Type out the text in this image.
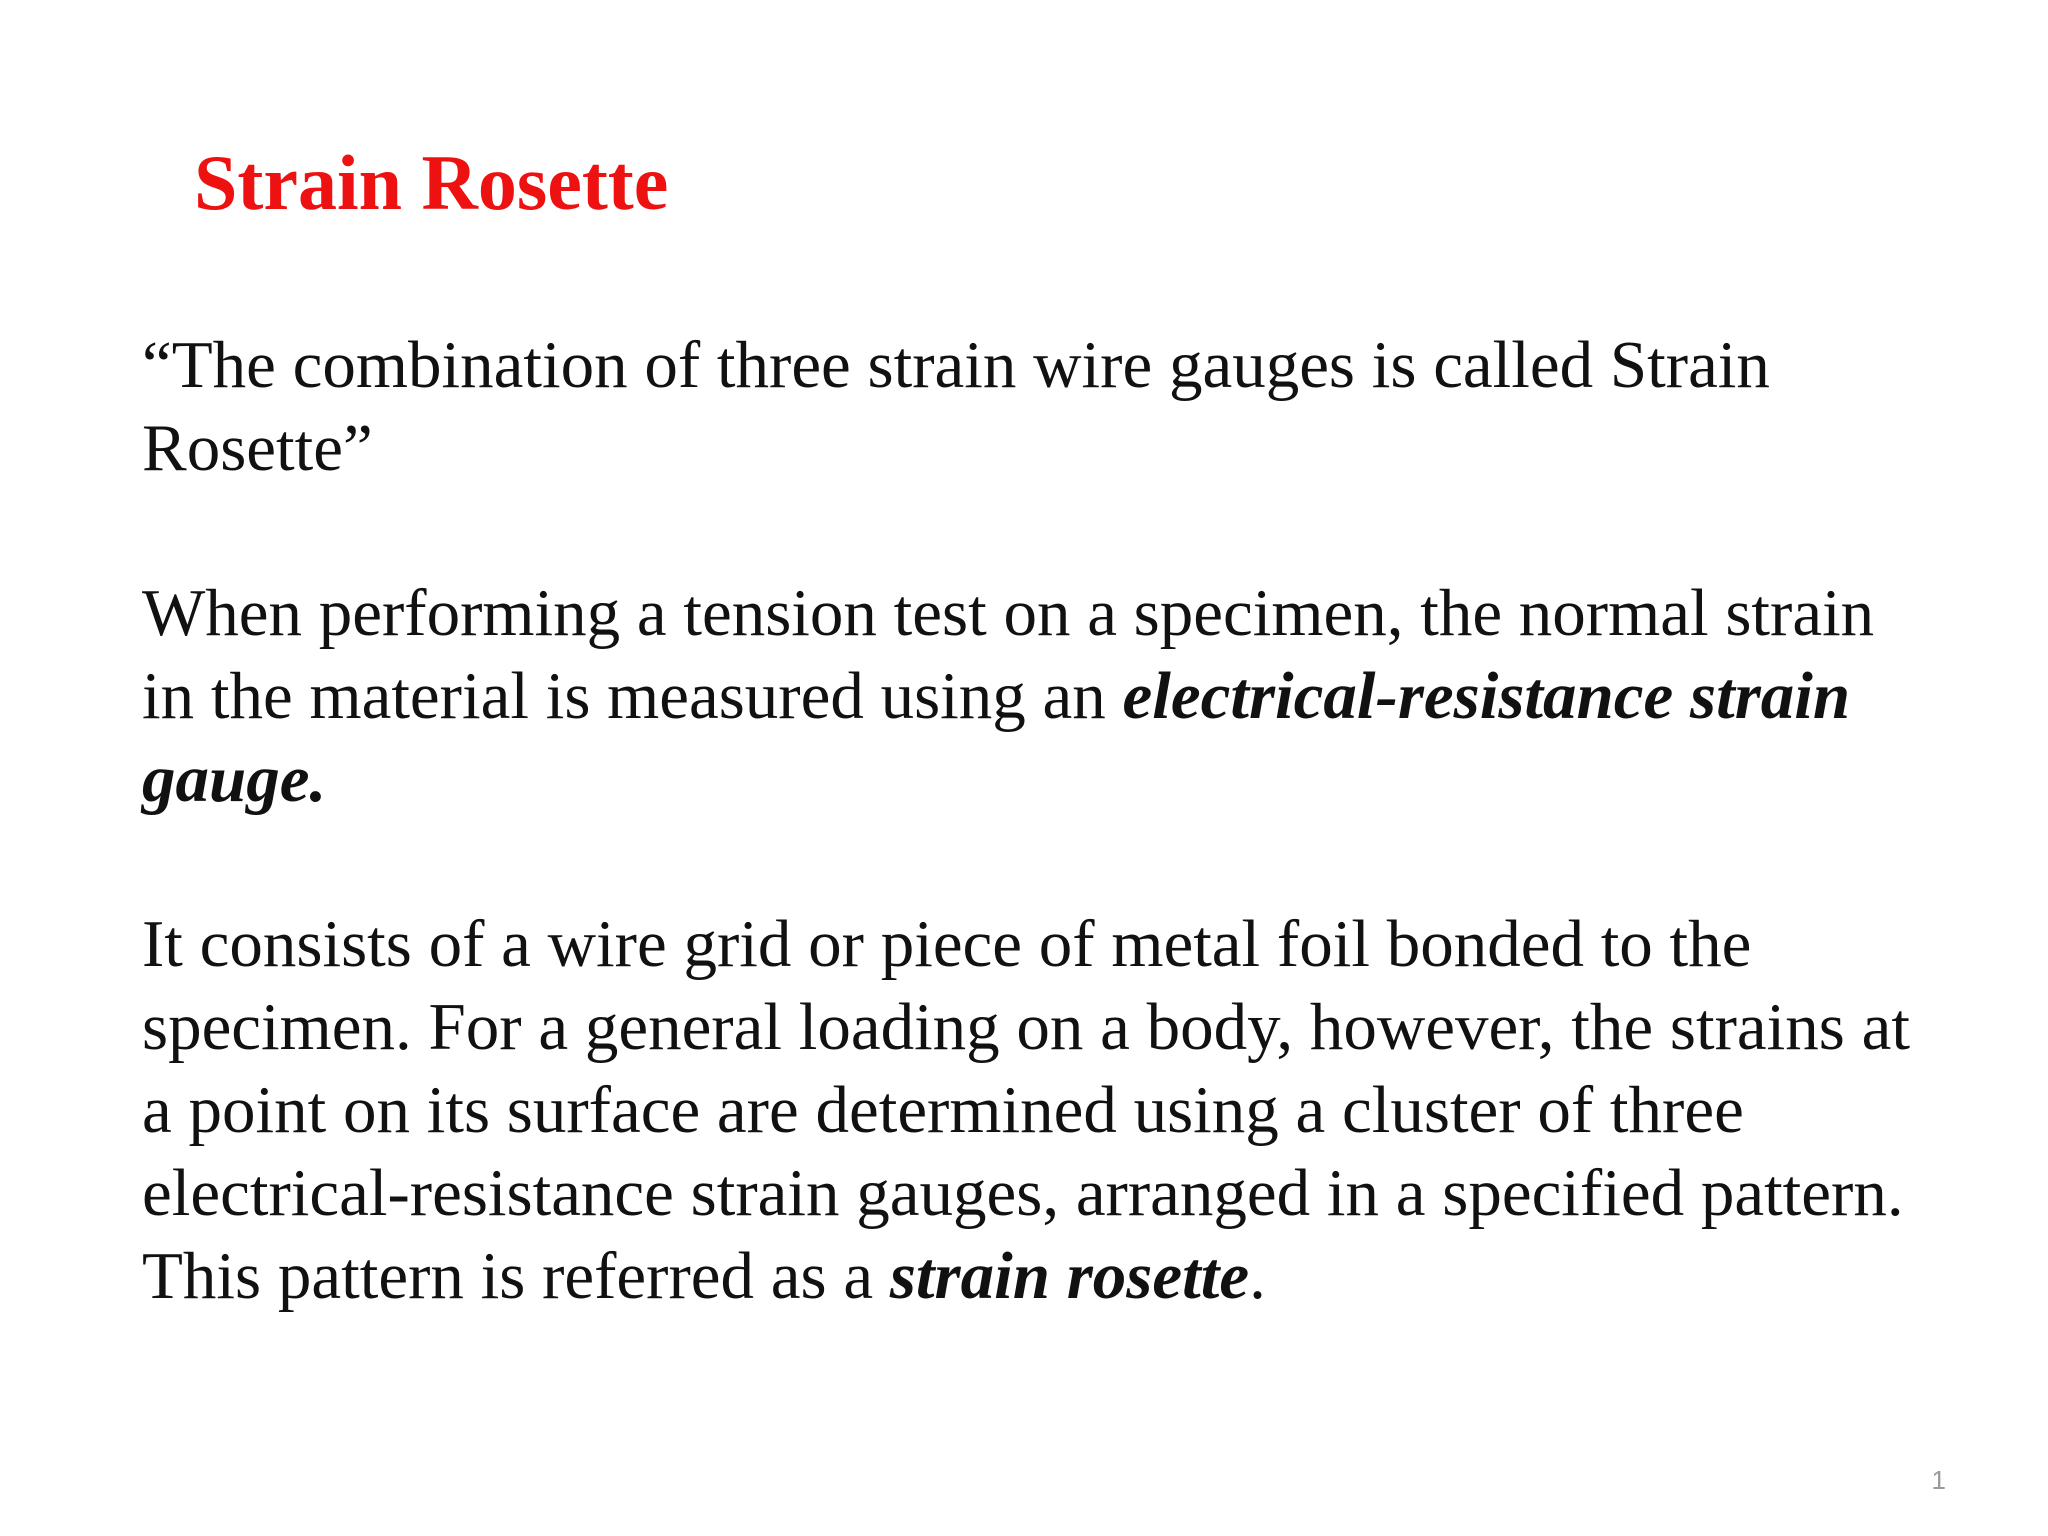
Strain Rosette

“The combination of three strain wire gauges is called Strain
Rosette”

When performing a tension test on a specimen, the normal strain in the material is measured using an electrical-resistance strain gauge.

It consists of a wire grid or piece of metal foil bonded to the specimen. For a general loading on a body, however, the strains at a point on its surface are determined using a cluster of three electrical-resistance strain gauges, arranged in a specified pattern. This pattern is referred as a strain rosette.

1
